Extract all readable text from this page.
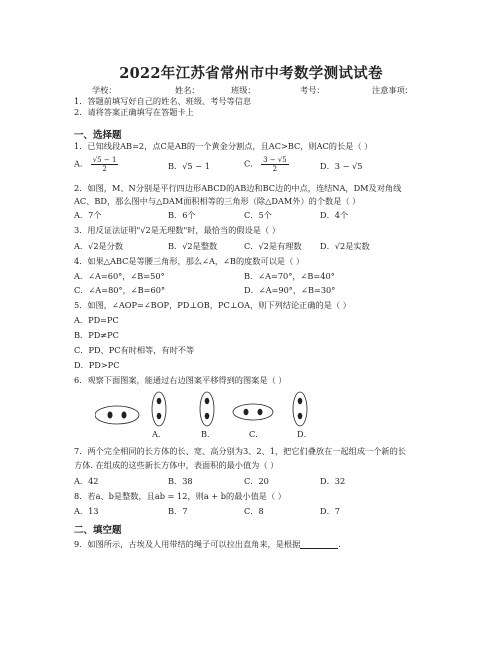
2022年江苏省常州市中考数学测试试卷
学校：	姓名：	班级：	考号：	注意事项：
1．答题前填写好自己的姓名、班级、考号等信息
2．请将答案正确填写在答题卡上
一、选择题
1．已知线段AB=2，点C是AB的一个黄金分割点，且AC>BC，则AC的长是（ ）
A． $\frac{√5 - 1}{2}$	B．√5 − 1	C． $\frac{3 - √5}{2}$	D．3 − √5
2．如图，M、N分别是平行四边形ABCD的AB边和BC边的中点，连结NA，DM及对角线
AC、BD，那么图中与△DAM面积相等的三角形（除△DAM外）的个数是（ ）
A．7个	B．6个	C．5个	D．4个
3．用反证法证明"√2是无理数"时，最恰当的假设是（ ）
A．√2是分数	B．√2是整数	C．√2是有理数 D．√2是实数
4．如果△ABC是等腰三角形，那么∠A，∠B的度数可以是（ ）
A．∠A=60°，∠B=50°	B．∠A=70°，∠B=40°
C．∠A=80°，∠B=60°	D．∠A=90°，∠B=30°
5．如图，∠AOP=∠BOP，PD⊥OB，PC⊥OA，则下列结论正确的是（ ）
A．PD=PC
B．PD≠PC
C．PD、PC有时相等，有时不等
D．PD>PC
6．观察下面图案，能通过右边图案平移得到的图案是（ ）
A．	B．	C．	D．
7．两个完全相同的长方体的长、宽、高分别为3、2、1，把它们叠放在一起组成一个新的长
方体. 在组成的这些新长方体中，表面积的最小值为（ ）
A．42	B．38	C．20	D．32
8．若a、b是整数，且ab = 12，则a + b的最小值是（ ）
A．13	B．7	C．8	D．7
二、填空题
9．如图所示，古埃及人用带结的绳子可以拉出直角来，是根据	.
